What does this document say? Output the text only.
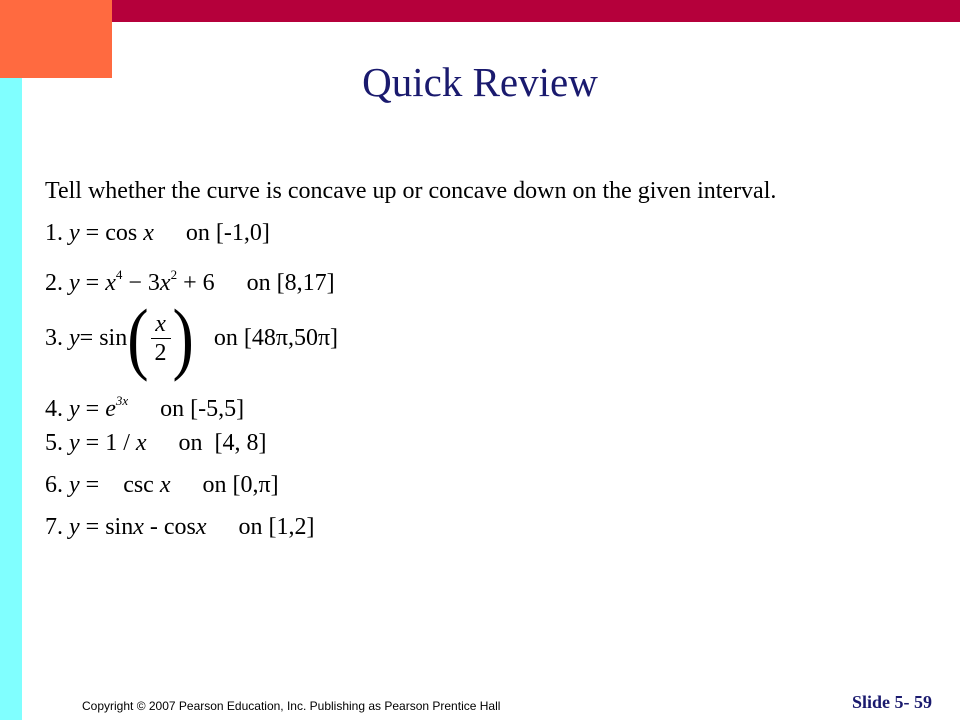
Quick Review
Tell whether the curve is concave up or concave down on the given interval.
1. y = cos x on [-1,0]
2. $y = x^4 - 3x^2 + 6$ on [8,17]
3.
y = sin ( $\frac{x}{2}$ ) on [48π,50π]
4. $y = e^{3x}$ on [-5,5]
5. y = 1 / x on  [4, 8]
6. y =    csc x on [0,π]
7. y = sinx - cosx on [1,2]
Copyright © 2007 Pearson Education, Inc. Publishing as Pearson Prentice Hall	Slide 5- 59
